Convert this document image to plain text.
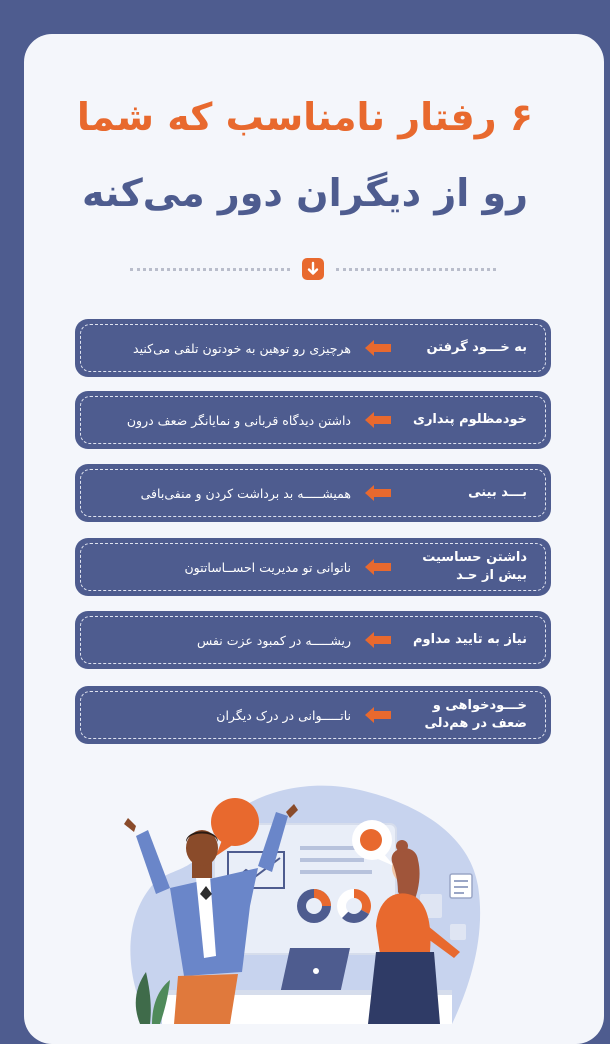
۶ رفتار نامناسب که شما
رو از دیگران دور می‌کنه
به خـــود گرفتن
هرچیزی رو توهین به خودتون تلقی می‌کنید
خودمظلوم پنداری
داشتن دیدگاه قربانی و نمایانگر ضعف درون
بـــد بینی
همیشـــــه بد برداشت کردن و منفی‌بافی
داشتن حساسیت بیش از حـد
ناتوانی تو مدیریت احســاساتتون
نیاز به تایید مداوم
ریشـــــه در کمبود عزت نفس
خـــودخواهی و ضعف در هم‌دلی
ناتـــــوانی در درک دیگران
